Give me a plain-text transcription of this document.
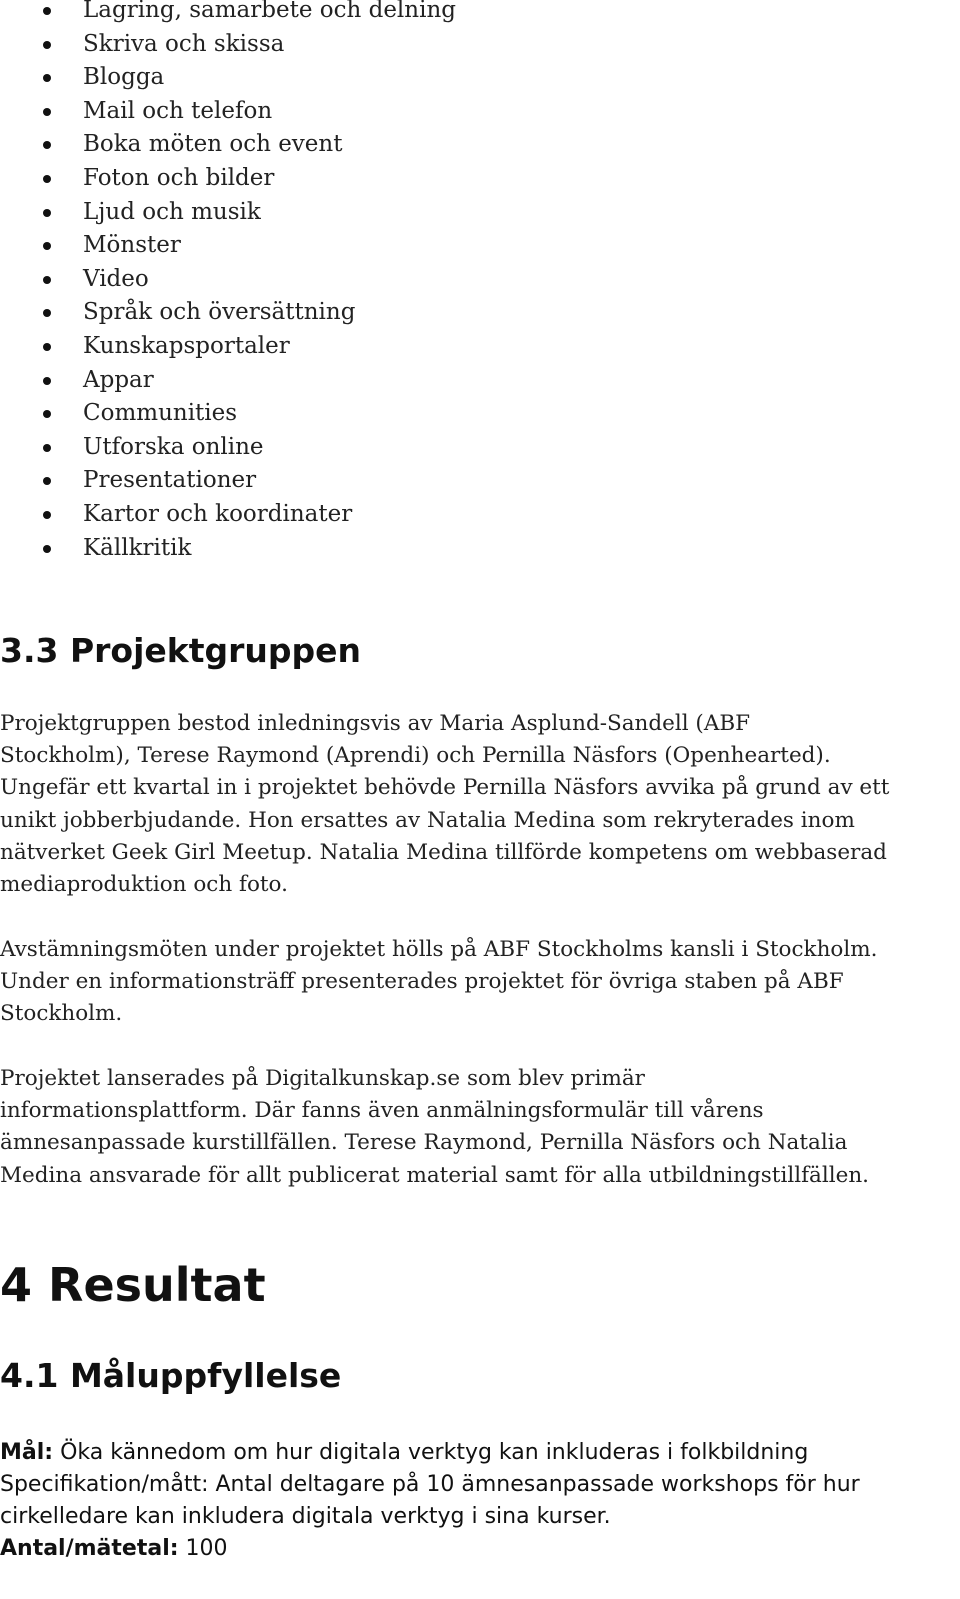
Lagring, samarbete och delning
Skriva och skissa
Blogga
Mail och telefon
Boka möten och event
Foton och bilder
Ljud och musik
Mönster
Video
Språk och översättning
Kunskapsportaler
Appar
Communities
Utforska online
Presentationer
Kartor och koordinater
Källkritik
3.3 Projektgruppen

Projektgruppen bestod inledningsvis av Maria Asplund-Sandell (ABF
Stockholm), Terese Raymond (Aprendi) och Pernilla Näsfors (Openhearted).
Ungefär ett kvartal in i projektet behövde Pernilla Näsfors avvika på grund av ett
unikt jobberbjudande. Hon ersattes av Natalia Medina som rekryterades inom
nätverket Geek Girl Meetup. Natalia Medina tillförde kompetens om webbaserad
mediaproduktion och foto.

Avstämningsmöten under projektet hölls på ABF Stockholms kansli i Stockholm.
Under en informationsträff presenterades projektet för övriga staben på ABF
Stockholm.

Projektet lanserades på Digitalkunskap.se som blev primär
informationsplattform. Där fanns även anmälningsformulär till vårens
ämnesanpassade kurstillfällen. Terese Raymond, Pernilla Näsfors och Natalia
Medina ansvarade för allt publicerat material samt för alla utbildningstillfällen.

4 Resultat
4.1 Måluppfyllelse

Mål: Öka kännedom om hur digitala verktyg kan inkluderas i folkbildning
Specifikation/mått: Antal deltagare på 10 ämnesanpassade workshops för hur
cirkelledare kan inkludera digitala verktyg i sina kurser.
Antal/mätetal: 100
